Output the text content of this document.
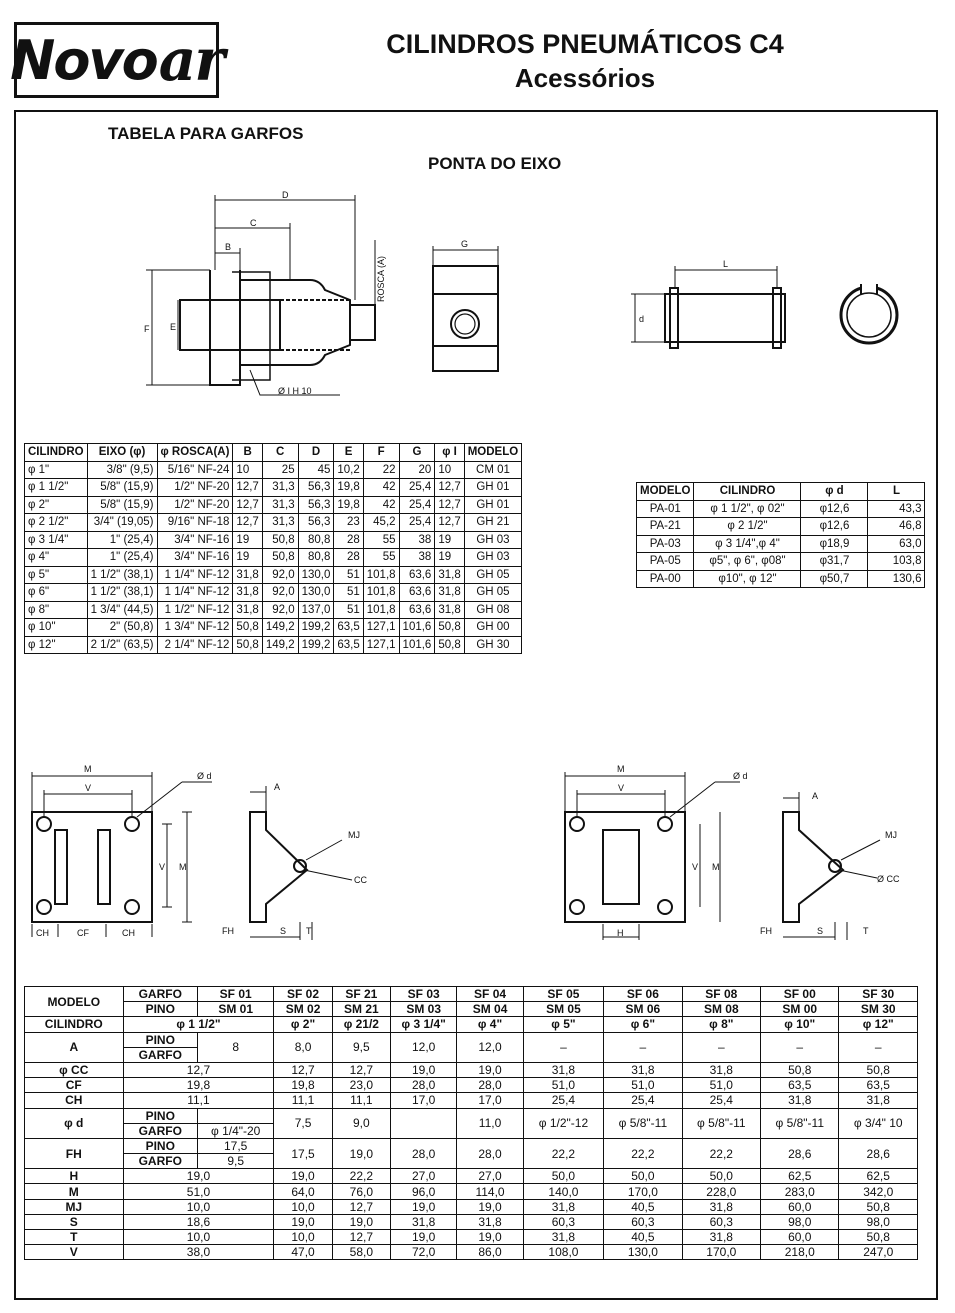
Novo ar	CILINDROS PNEUMÁTICOS C4
Acessórios
TABELA PARA GARFOS
PONTA DO EIXO
D
C
B
F E
ROSCA (A)
Ø I H 10
G
L
d
CILINDRO	EIXO (φ)	φ ROSCA(A)	B	C	D	E	F	G	φ I	MODELO
φ 1"	3/8" (9,5)	5/16" NF-24	10	25	45	10,2	22	20	10	CM 01
φ 1 1/2"	5/8" (15,9)	1/2" NF-20	12,7	31,3	56,3	19,8	42	25,4	12,7	GH 01
φ 2"	5/8" (15,9)	1/2" NF-20	12,7	31,3	56,3	19,8	42	25,4	12,7	GH 01
φ 2 1/2"	3/4" (19,05)	9/16" NF-18	12,7	31,3	56,3	23	45,2	25,4	12,7	GH 21
φ 3 1/4"	1" (25,4)	3/4" NF-16	19	50,8	80,8	28	55	38	19	GH 03
φ 4"	1" (25,4)	3/4" NF-16	19	50,8	80,8	28	55	38	19	GH 03
φ 5"	1 1/2" (38,1)	1 1/4" NF-12	31,8	92,0	130,0	51	101,8	63,6	31,8	GH 05
φ 6"	1 1/2" (38,1)	1 1/4" NF-12	31,8	92,0	130,0	51	101,8	63,6	31,8	GH 05
φ 8"	1 3/4" (44,5)	1 1/2" NF-12	31,8	92,0	137,0	51	101,8	63,6	31,8	GH 08
φ 10"	2" (50,8)	1 3/4" NF-12	50,8	149,2	199,2	63,5	127,1	101,6	50,8	GH 00
φ 12"	2 1/2" (63,5)	2 1/4" NF-12	50,8	149,2	199,2	63,5	127,1	101,6	50,8	GH 30
MODELO	CILINDRO	φ d	L
PA-01	φ 1 1/2", φ 02"	φ12,6	43,3
PA-21	φ 2 1/2"	φ12,6	46,8
PA-03	φ 3 1/4",φ 4"	φ18,9	63,0
PA-05	φ5", φ 6", φ08"	φ31,7	103,8
PA-00	φ10", φ 12"	φ50,7	130,6
M
V
Ø d
V M
CH	CF	CH
A
MJ
CC
FH	S T
M
V
Ø d
V M
H
A
MJ
Ø CC
FH	S	T
MODELO	GARFO	SF 01	SF 02	SF 21	SF 03	SF 04	SF 05	SF 06	SF 08	SF 00	SF 30
	PINO	SM 01	SM 02	SM 21	SM 03	SM 04	SM 05	SM 06	SM 08	SM 00	SM 30
CILINDRO	φ 1 1/2"		φ 2"	φ 21/2	φ 3 1/4"	φ 4"	φ 5"	φ 6"	φ 8"	φ 10"	φ 12"
A	PINO	8	8,0	9,5	12,0	12,0	–	–	–	–	–
	GARFO										
φ CC	12,7		12,7	12,7	19,0	19,0	31,8	31,8	31,8	50,8	50,8
CF	19,8		19,8	23,0	28,0	28,0	51,0	51,0	51,0	63,5	63,5
CH	11,1		11,1	11,1	17,0	17,0	25,4	25,4	25,4	31,8	31,8
φ d	PINO		7,5	9,0		11,0	φ 1/2"-12	φ 5/8"-11	φ 5/8"-11	φ 5/8"-11	φ 3/4" 10
	GARFO	φ 1/4"-20									
FH	PINO	17,5	17,5	19,0	28,0	28,0	22,2	22,2	22,2	28,6	28,6
	GARFO	9,5									
H	19,0		19,0	22,2	27,0	27,0	50,0	50,0	50,0	62,5	62,5
M	51,0		64,0	76,0	96,0	114,0	140,0	170,0	228,0	283,0	342,0
MJ	10,0		10,0	12,7	19,0	19,0	31,8	40,5	31,8	60,0	50,8
S	18,6		19,0	19,0	31,8	31,8	60,3	60,3	60,3	98,0	98,0
T	10,0		10,0	12,7	19,0	19,0	31,8	40,5	31,8	60,0	50,8
V	38,0		47,0	58,0	72,0	86,0	108,0	130,0	170,0	218,0	247,0
